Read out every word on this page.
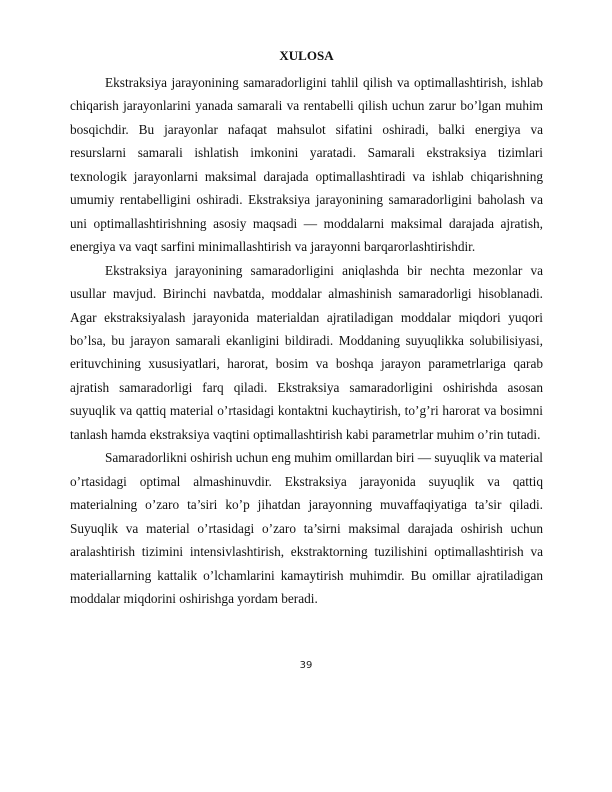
XULOSA

Ekstraksiya jarayonining samaradorligini tahlil qilish va optimallashtirish, ishlab chiqarish jarayonlarini yanada samarali va rentabelli qilish uchun zarur bo’lgan muhim bosqichdir. Bu jarayonlar nafaqat mahsulot sifatini oshiradi, balki energiya va resurslarni samarali ishlatish imkonini yaratadi. Samarali ekstraksiya tizimlari texnologik jarayonlarni maksimal darajada optimallashtiradi va ishlab chiqarishning umumiy rentabelligini oshiradi. Ekstraksiya jarayonining samaradorligini baholash va uni optimallashtirishning asosiy maqsadi — moddalarni maksimal darajada ajratish, energiya va vaqt sarfini minimallashtirish va jarayonni barqarorlashtirishdir.

Ekstraksiya jarayonining samaradorligini aniqlashda bir nechta mezonlar va usullar mavjud. Birinchi navbatda, moddalar almashinish samaradorligi hisoblanadi. Agar ekstraksiyalash jarayonida materialdan ajratiladigan moddalar miqdori yuqori bo’lsa, bu jarayon samarali ekanligini bildiradi. Moddaning suyuqlikka solubilisiyasi, erituvchining xususiyatlari, harorat, bosim va boshqa jarayon parametrlariga qarab ajratish samaradorligi farq qiladi. Ekstraksiya samaradorligini oshirishda asosan suyuqlik va qattiq material o’rtasidagi kontaktni kuchaytirish, to’g’ri harorat va bosimni tanlash hamda ekstraksiya vaqtini optimallashtirish kabi parametrlar muhim o’rin tutadi.

Samaradorlikni oshirish uchun eng muhim omillardan biri — suyuqlik va material o’rtasidagi optimal almashinuvdir. Ekstraksiya jarayonida suyuqlik va qattiq materialning o’zaro ta’siri ko’p jihatdan jarayonning muvaffaqiyatiga ta’sir qiladi. Suyuqlik va material o’rtasidagi o’zaro ta’sirni maksimal darajada oshirish uchun aralashtirish tizimini intensivlashtirish, ekstraktorning tuzilishini optimallashtirish va materiallarning kattalik o’lchamlarini kamaytirish muhimdir. Bu omillar ajratiladigan moddalar miqdorini oshirishga yordam beradi.

39
